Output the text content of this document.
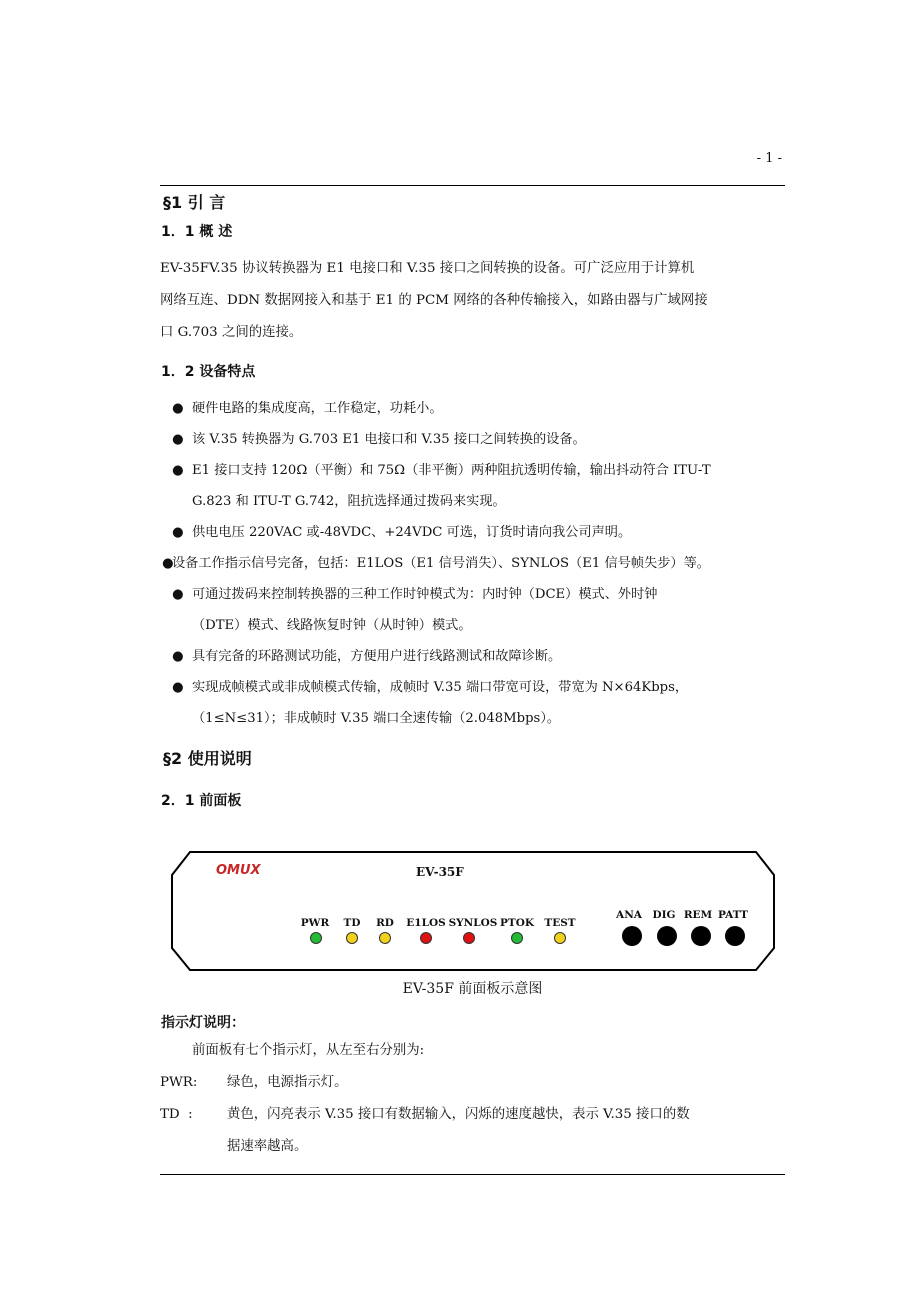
- 1 -
§1 引 言
1．1 概 述
EV-35FV.35 协议转换器为 E1 电接口和 V.35 接口之间转换的设备。可广泛应用于计算机
网络互连、DDN 数据网接入和基于 E1 的 PCM 网络的各种传输接入，如路由器与广域网接
口 G.703 之间的连接。
1．2 设备特点
● 硬件电路的集成度高，工作稳定，功耗小。
● 该 V.35 转换器为 G.703 E1 电接口和 V.35 接口之间转换的设备。
● E1 接口支持 120Ω（平衡）和 75Ω（非平衡）两种阻抗透明传输，输出抖动符合 ITU-T
G.823 和 ITU-T G.742，阻抗选择通过拨码来实现。
● 供电电压 220VAC 或-48VDC、+24VDC 可选，订货时请向我公司声明。
●设备工作指示信号完备，包括：E1LOS（E1 信号消失）、SYNLOS（E1 信号帧失步）等。
● 可通过拨码来控制转换器的三种工作时钟模式为：内时钟（DCE）模式、外时钟
（DTE）模式、线路恢复时钟（从时钟）模式。
● 具有完备的环路测试功能，方便用户进行线路测试和故障诊断。
● 实现成帧模式或非成帧模式传输，成帧时 V.35 端口带宽可设，带宽为 N×64Kbps，
（1≤N≤31）；非成帧时 V.35 端口全速传输（2.048Mbps）。
§2 使用说明
2．1 前面板
OMUX	EV-35F
PWR	TD	RD	E1LOS SYNLOS PTOK TEST
ANA	DIG REM PATT
EV-35F 前面板示意图
指示灯说明：
前面板有七个指示灯，从左至右分别为:
PWR: 绿色，电源指示灯。
TD  :	黄色，闪亮表示 V.35 接口有数据输入，闪烁的速度越快，表示 V.35 接口的数
据速率越高。
